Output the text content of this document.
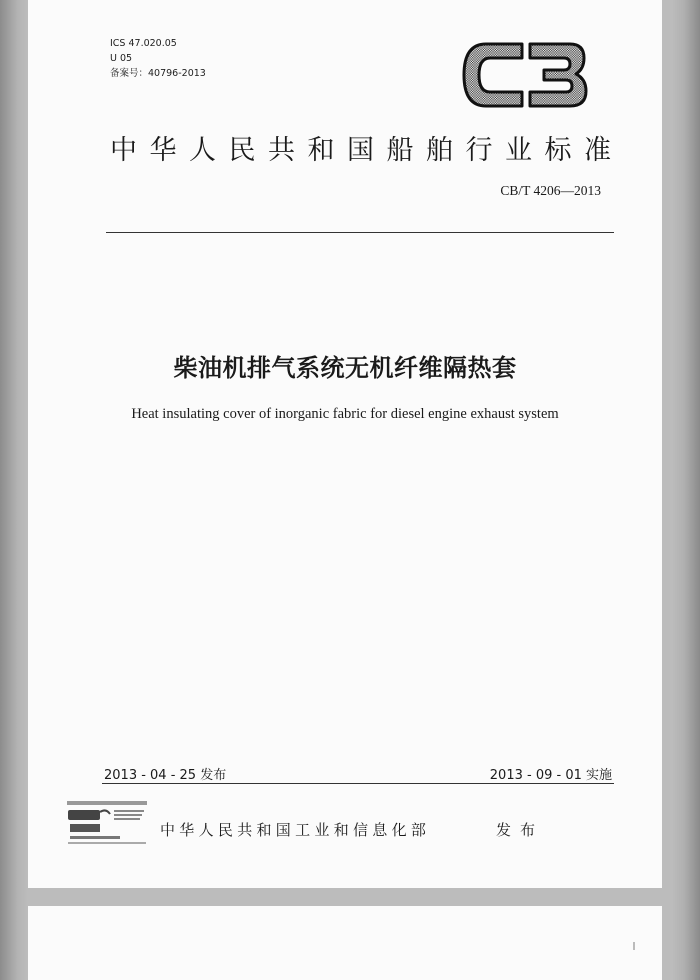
ICS 47.020.05
U 05
备案号：40796-2013
中华人民共和国船舶行业标准
CB/T 4206—2013
柴油机排气系统无机纤维隔热套
Heat insulating cover of inorganic fabric for diesel engine exhaust system
2013 - 04 - 25 发布	2013 - 09 - 01 实施
中华人民共和国工业和信息化部	发布
